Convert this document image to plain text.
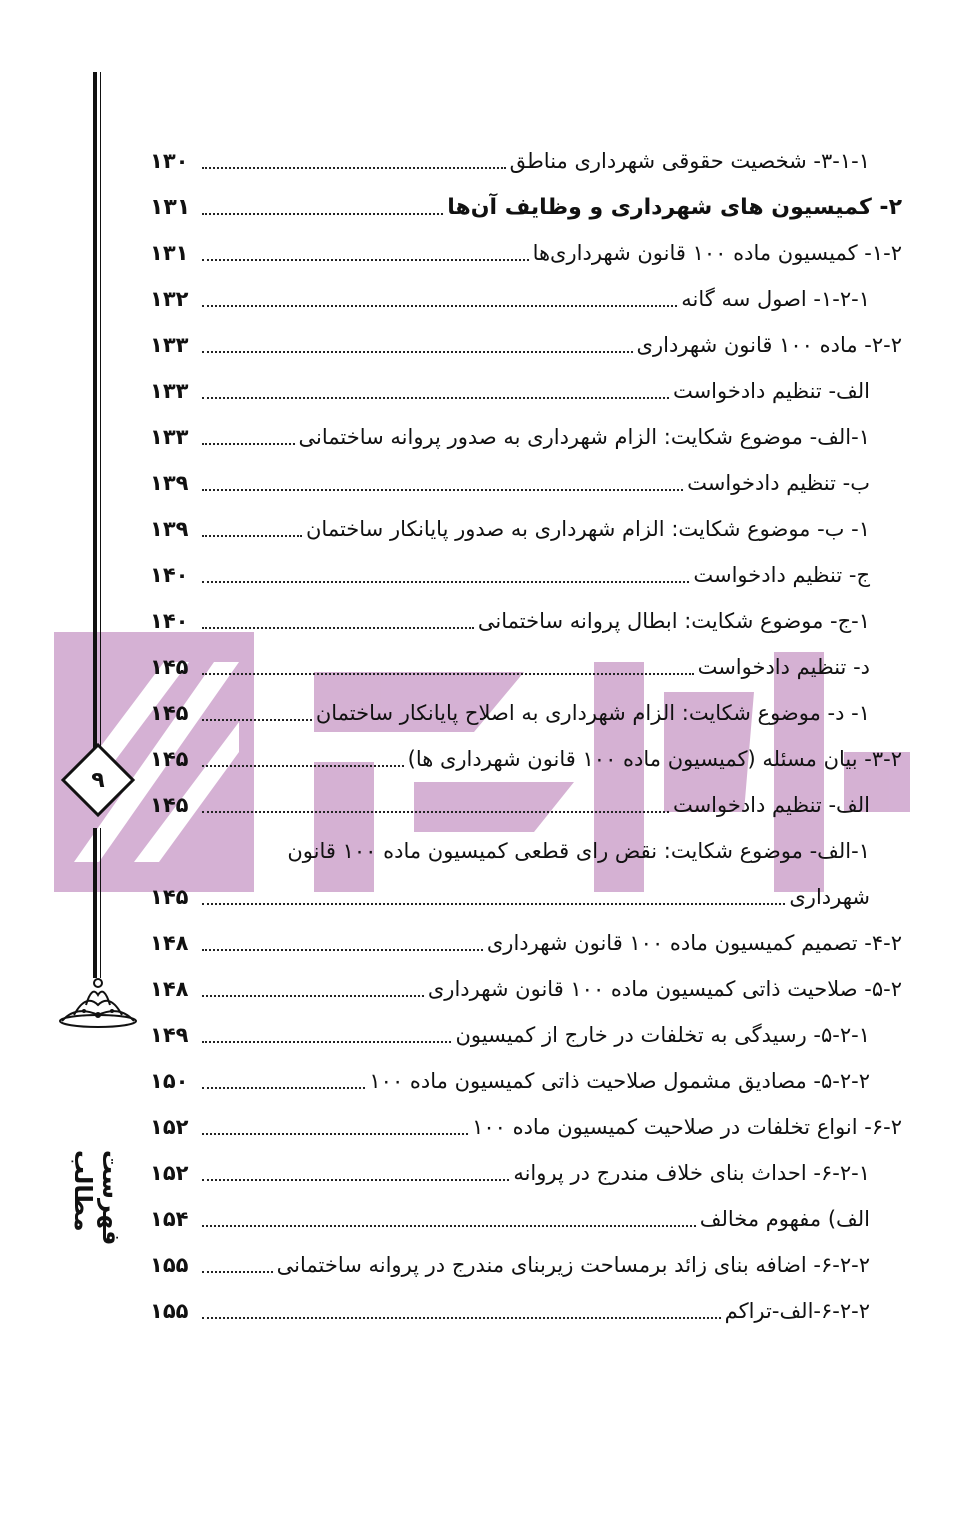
۹
فهرست مطالب
۳-۱-۱- شخصیت حقوقی شهرداری مناطق
۱۳۰
۲- کمیسیون های شهرداری و وظایف آن‌ها
۱۳۱
۱-۲- کمیسیون ماده ۱۰۰ قانون شهرداری‌ها
۱۳۱
۱-۲-۱- اصول سه گانه
۱۳۲
۲-۲- ماده ۱۰۰ قانون شهرداری
۱۳۳
الف- تنظیم دادخواست
۱۳۳
۱-الف- موضوع شکایت: الزام شهرداری به صدور پروانه ساختمانی
۱۳۳
ب- تنظیم دادخواست
۱۳۹
۱- ب- موضوع شکایت: الزام شهرداری به صدور پایانکار ساختمان
۱۳۹
ج- تنظیم دادخواست
۱۴۰
۱-ج- موضوع شکایت: ابطال پروانه ساختمانی
۱۴۰
د- تنظیم دادخواست
۱۴۵
۱- د- موضوع شکایت: الزام شهرداری به اصلاح پایانکار ساختمان
۱۴۵
۳-۲- بیان مسئله (کمیسیون ماده ۱۰۰ قانون شهرداری ها)
۱۴۵
الف- تنظیم دادخواست
۱۴۵
۱-الف- موضوع شکایت: نقض رای قطعی کمیسیون ماده ۱۰۰ قانون
شهرداری
۱۴۵
۴-۲- تصمیم کمیسیون ماده ۱۰۰ قانون شهرداری
۱۴۸
۵-۲- صلاحیت ذاتی کمیسیون ماده ۱۰۰ قانون شهرداری
۱۴۸
۵-۲-۱- رسیدگی به تخلفات در خارج از کمیسیون
۱۴۹
۵-۲-۲- مصادیق مشمول صلاحیت ذاتی کمیسیون ماده ۱۰۰
۱۵۰
۶-۲- انواع تخلفات در صلاحیت کمیسیون ماده ۱۰۰
۱۵۲
۶-۲-۱- احداث بنای خلاف مندرج در پروانه
۱۵۲
الف) مفهوم مخالف
۱۵۴
۶-۲-۲- اضافه بنای زائد برمساحت زیربنای مندرج در پروانه ساختمانی
۱۵۵
۶-۲-۲-الف-تراکم
۱۵۵
